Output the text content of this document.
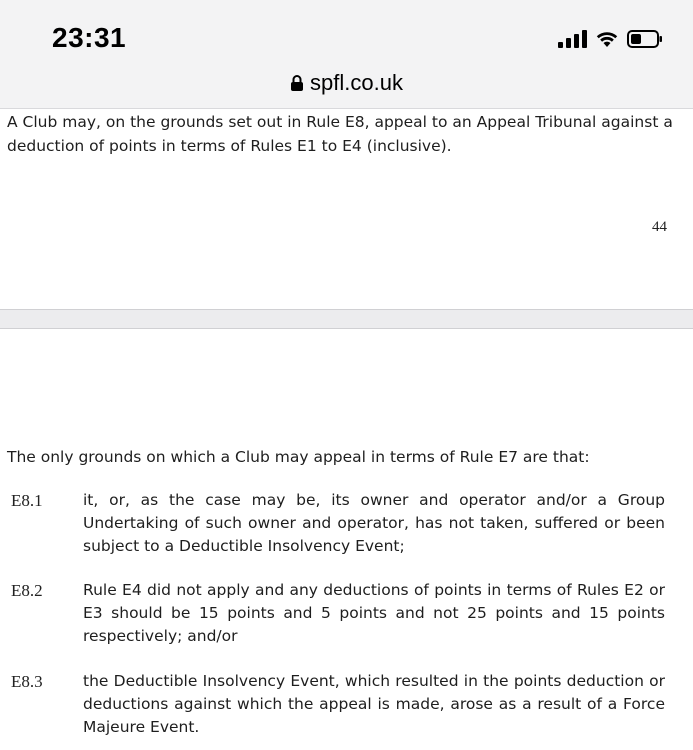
23:31
spfl.co.uk

A Club may, on the grounds set out in Rule E8, appeal to an Appeal Tribunal against a deduction of points in terms of Rules E1 to E4 (inclusive).

44

The only grounds on which a Club may appeal in terms of Rule E7 are that:

E8.1	it, or, as the case may be, its owner and operator and/or a Group Undertaking of such owner and operator, has not taken, suffered or been subject to a Deductible Insolvency Event;

E8.2	Rule E4 did not apply and any deductions of points in terms of Rules E2 or E3 should be 15 points and 5 points and not 25 points and 15 points respectively; and/or

E8.3	the Deductible Insolvency Event, which resulted in the points deduction or deductions against which the appeal is made, arose as a result of a Force Majeure Event.
